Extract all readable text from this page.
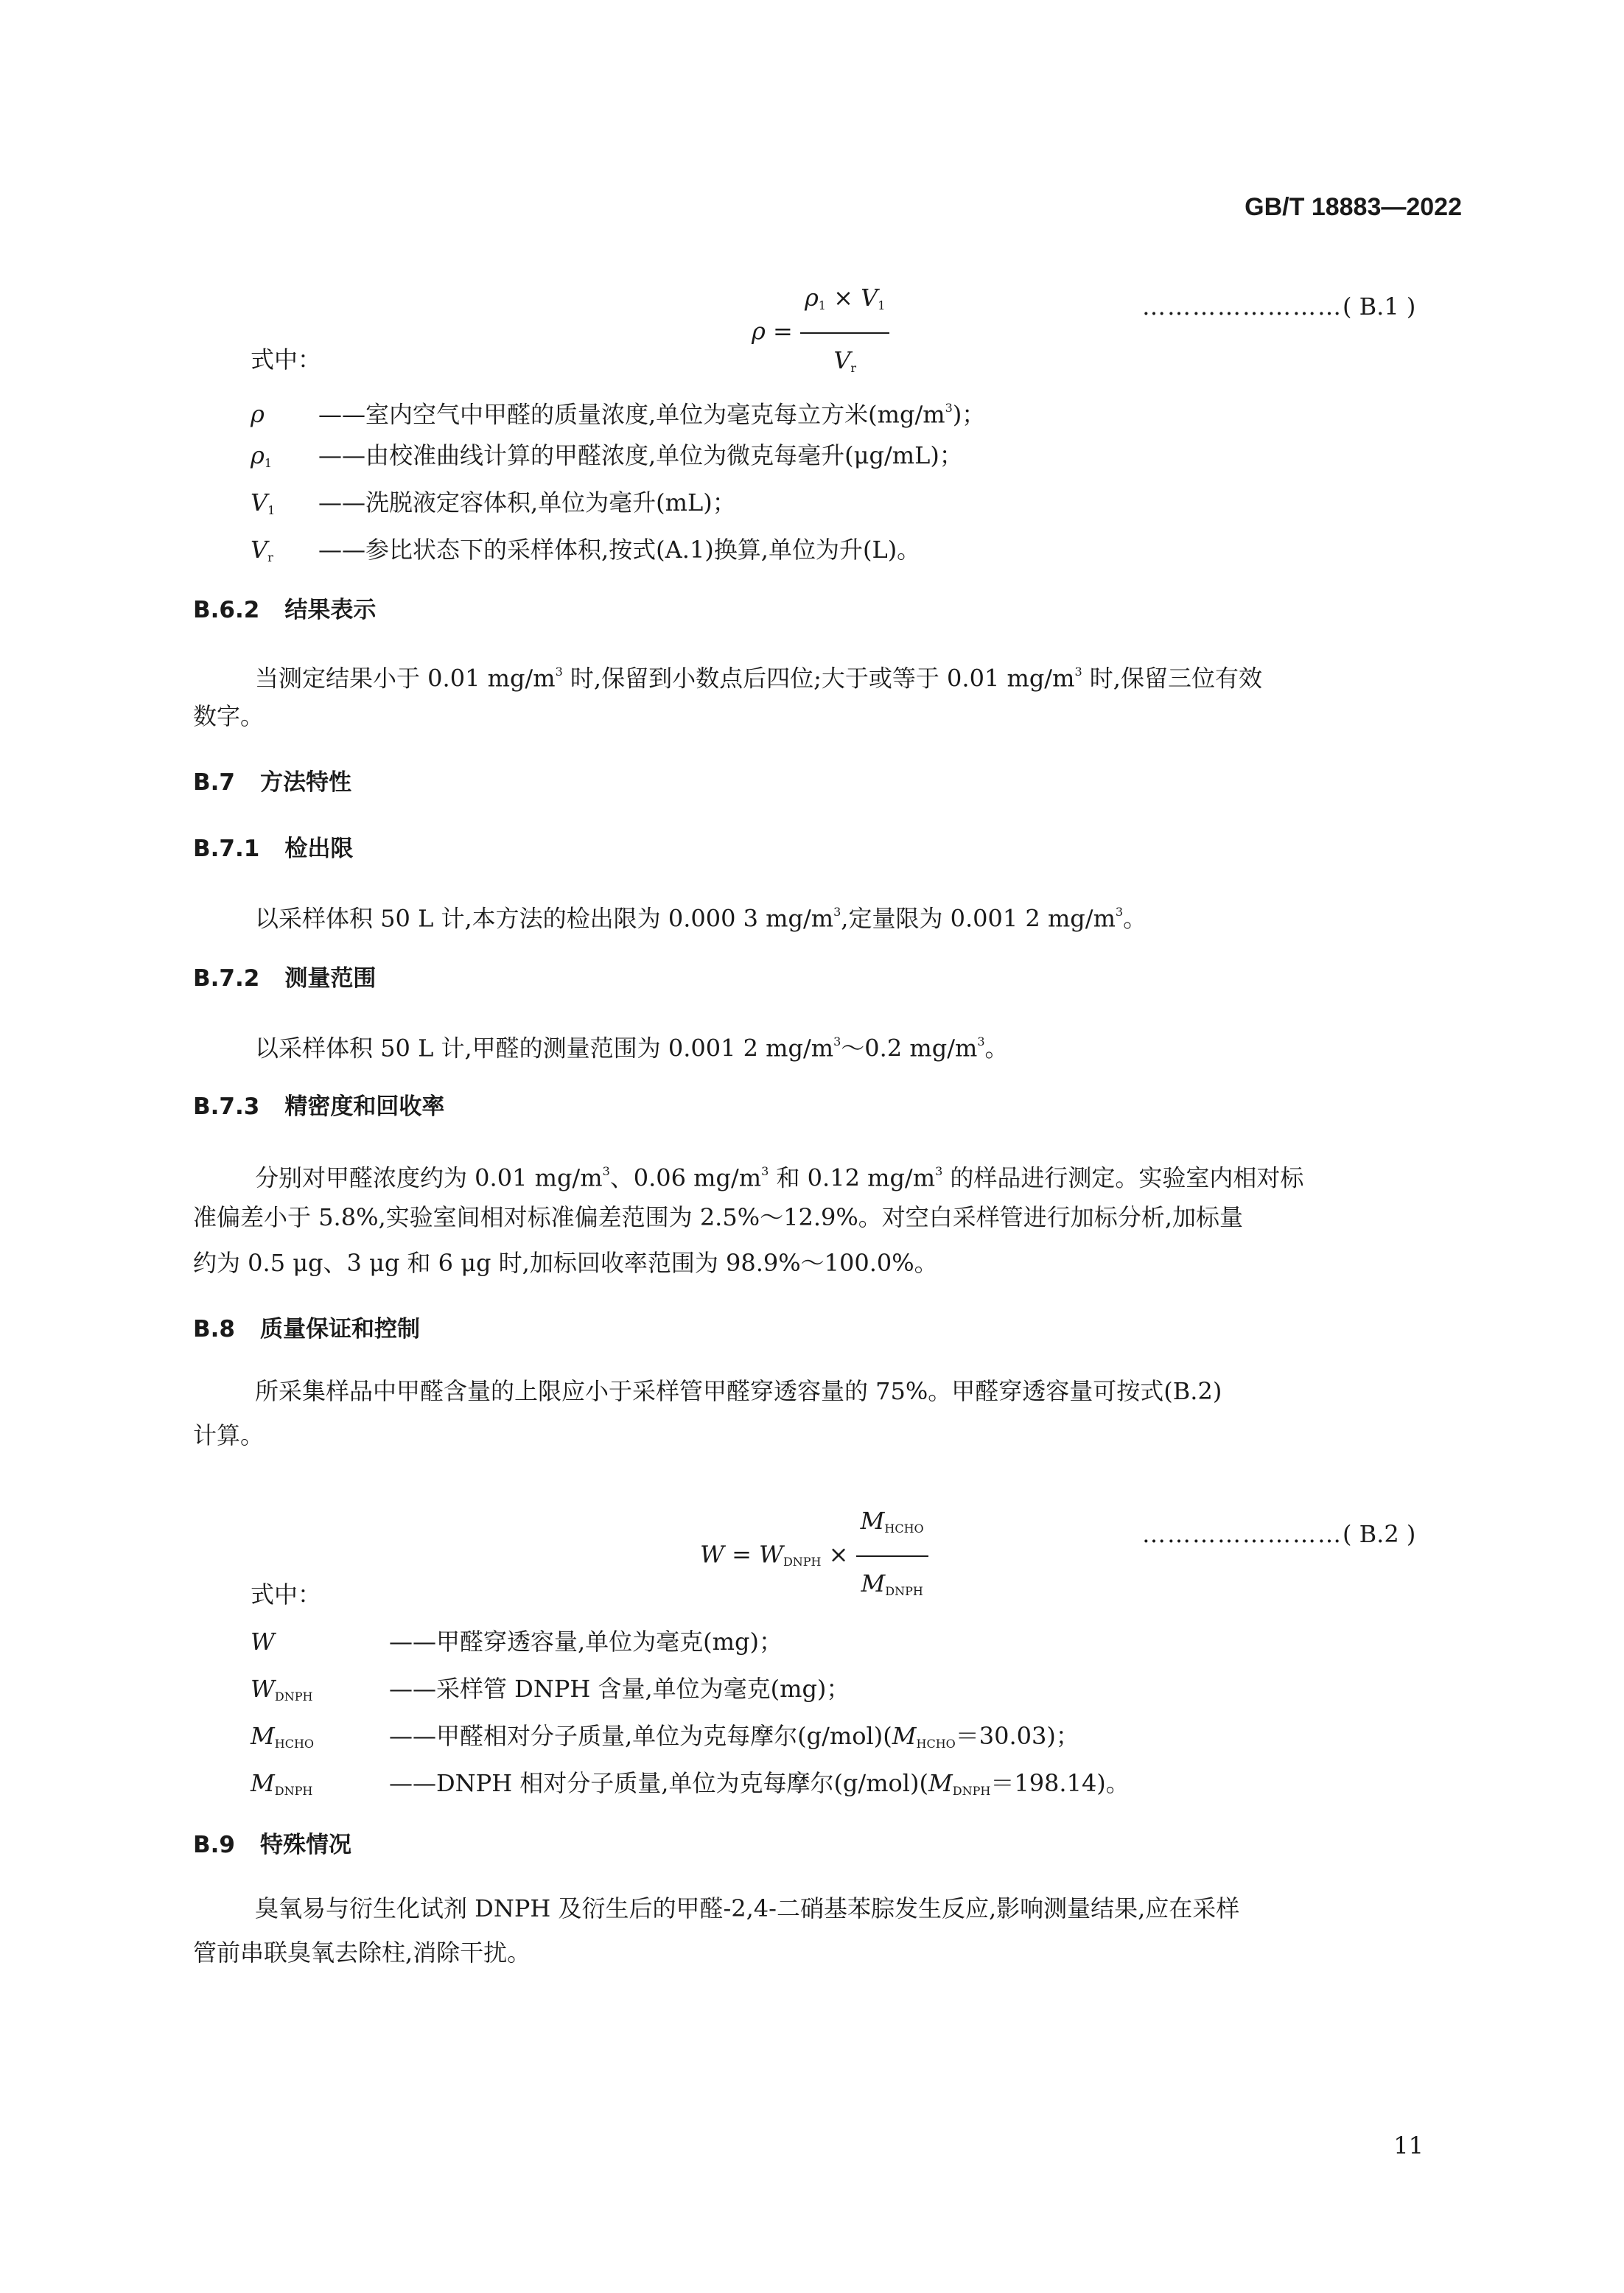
GB/T 18883—2022
$\rho = \frac{\rho_1 \times V_1}{V_r}$	……………………( B.1 )
式中：
ρ ——室内空气中甲醛的质量浓度,单位为毫克每立方米$(mg/m^3)$；
$\rho_1$ ——由校准曲线计算的甲醛浓度,单位为微克每毫升(μg/mL)；
$V_1$ ——洗脱液定容体积,单位为毫升(mL)；
$V_r$ ——参比状态下的采样体积,按式(A.1)换算,单位为升(L)。
B.6.2 结果表示
当测定结果小于 0.01 $mg/m^3$ 时,保留到小数点后四位;大于或等于 0.01 $mg/m^3$ 时,保留三位有效
数字。
B.7 方法特性
B.7.1 检出限
以采样体积 50 L 计,本方法的检出限为 0.000 3 $mg/m^3$,定量限为 0.001 2 $mg/m^3$。
B.7.2 测量范围
以采样体积 50 L 计,甲醛的测量范围为 0.001 2 $mg/m^3\sim 0.2$ $mg/m^3$。
B.7.3 精密度和回收率
分别对甲醛浓度约为 0.01 $mg/m^3$、0.06 $mg/m^3$ 和 0.12 $mg/m^3$ 的样品进行测定。实验室内相对标
准偏差小于 5.8%,实验室间相对标准偏差范围为 2.5%～12.9%。对空白采样管进行加标分析,加标量
约为 0.5 μg、3 μg 和 6 μg 时,加标回收率范围为 98.9%～100.0%。
B.8 质量保证和控制
所采集样品中甲醛含量的上限应小于采样管甲醛穿透容量的 75%。甲醛穿透容量可按式(B.2)
计算。
$W = W_{DNPH} \times \frac{M_{HCHO}}{M_{DNPH}}$	……………………( B.2 )
式中：
W	——甲醛穿透容量,单位为毫克(mg)；
$W_{DNPH}$	——采样管 DNPH 含量,单位为毫克(mg)；
$M_{HCHO}$	——甲醛相对分子质量,单位为克每摩尔$(g/mol)(M_{HCHO}=30.03)$；
$M_{DNPH}$	——DNPH 相对分子质量,单位为克每摩尔$(g/mol)(M_{DNPH}=198.14)$。
B.9 特殊情况
臭氧易与衍生化试剂 DNPH 及衍生后的甲醛-2,4-二硝基苯腙发生反应,影响测量结果,应在采样
管前串联臭氧去除柱,消除干扰。
11
